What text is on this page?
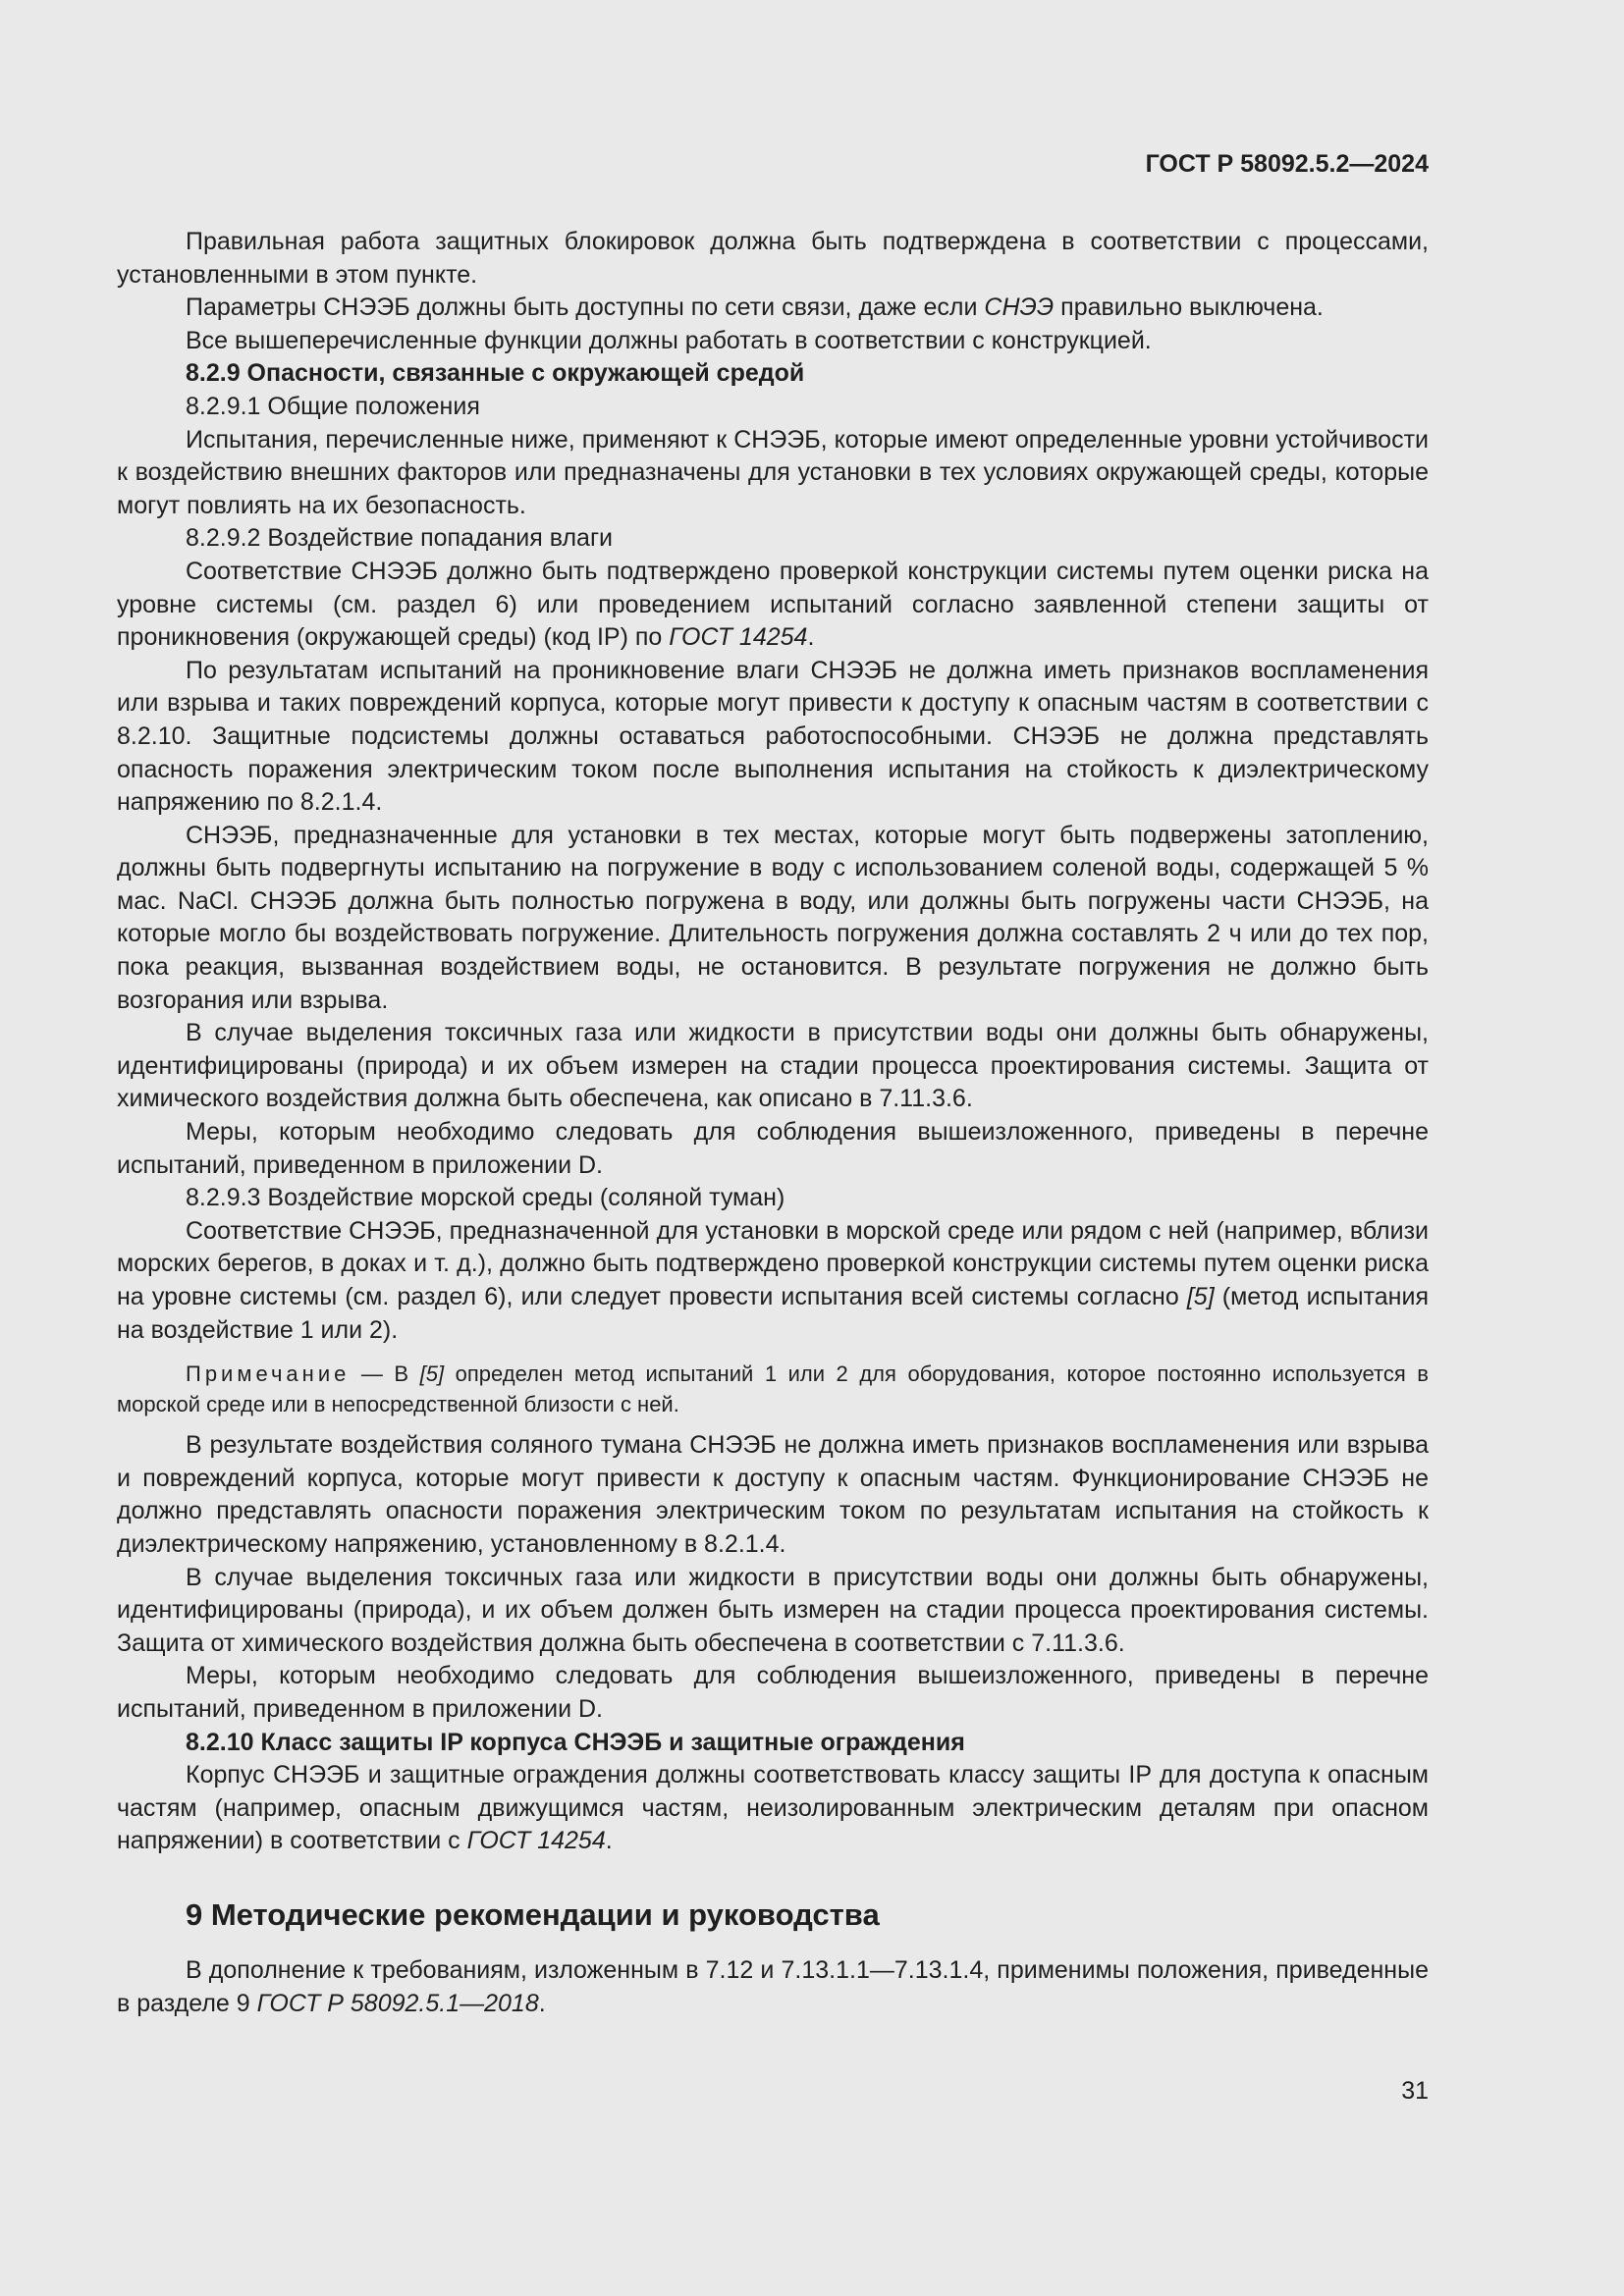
ГОСТ Р 58092.5.2—2024

Правильная работа защитных блокировок должна быть подтверждена в соответствии с процессами, установленными в этом пункте.

Параметры СНЭЭБ должны быть доступны по сети связи, даже если СНЭЭ правильно выключена.

Все вышеперечисленные функции должны работать в соответствии с конструкцией.

8.2.9 Опасности, связанные с окружающей средой

8.2.9.1 Общие положения

Испытания, перечисленные ниже, применяют к СНЭЭБ, которые имеют определенные уровни устойчивости к воздействию внешних факторов или предназначены для установки в тех условиях окружающей среды, которые могут повлиять на их безопасность.

8.2.9.2 Воздействие попадания влаги

Соответствие СНЭЭБ должно быть подтверждено проверкой конструкции системы путем оценки риска на уровне системы (см. раздел 6) или проведением испытаний согласно заявленной степени защиты от проникновения (окружающей среды) (код IP) по ГОСТ 14254.

По результатам испытаний на проникновение влаги СНЭЭБ не должна иметь признаков воспламенения или взрыва и таких повреждений корпуса, которые могут привести к доступу к опасным частям в соответствии с 8.2.10. Защитные подсистемы должны оставаться работоспособными. СНЭЭБ не должна представлять опасность поражения электрическим током после выполнения испытания на стойкость к диэлектрическому напряжению по 8.2.1.4.

СНЭЭБ, предназначенные для установки в тех местах, которые могут быть подвержены затоплению, должны быть подвергнуты испытанию на погружение в воду с использованием соленой воды, содержащей 5 % мас. NaCl. СНЭЭБ должна быть полностью погружена в воду, или должны быть погружены части СНЭЭБ, на которые могло бы воздействовать погружение. Длительность погружения должна составлять 2 ч или до тех пор, пока реакция, вызванная воздействием воды, не остановится. В результате погружения не должно быть возгорания или взрыва.

В случае выделения токсичных газа или жидкости в присутствии воды они должны быть обнаружены, идентифицированы (природа) и их объем измерен на стадии процесса проектирования системы. Защита от химического воздействия должна быть обеспечена, как описано в 7.11.3.6.

Меры, которым необходимо следовать для соблюдения вышеизложенного, приведены в перечне испытаний, приведенном в приложении D.

8.2.9.3 Воздействие морской среды (соляной туман)

Соответствие СНЭЭБ, предназначенной для установки в морской среде или рядом с ней (например, вблизи морских берегов, в доках и т. д.), должно быть подтверждено проверкой конструкции системы путем оценки риска на уровне системы (см. раздел 6), или следует провести испытания всей системы согласно [5] (метод испытания на воздействие 1 или 2).

Примечание — В [5] определен метод испытаний 1 или 2 для оборудования, которое постоянно используется в морской среде или в непосредственной близости с ней.

В результате воздействия соляного тумана СНЭЭБ не должна иметь признаков воспламенения или взрыва и повреждений корпуса, которые могут привести к доступу к опасным частям. Функционирование СНЭЭБ не должно представлять опасности поражения электрическим током по результатам испытания на стойкость к диэлектрическому напряжению, установленному в 8.2.1.4.

В случае выделения токсичных газа или жидкости в присутствии воды они должны быть обнаружены, идентифицированы (природа), и их объем должен быть измерен на стадии процесса проектирования системы. Защита от химического воздействия должна быть обеспечена в соответствии с 7.11.3.6.

Меры, которым необходимо следовать для соблюдения вышеизложенного, приведены в перечне испытаний, приведенном в приложении D.

8.2.10 Класс защиты IP корпуса СНЭЭБ и защитные ограждения

Корпус СНЭЭБ и защитные ограждения должны соответствовать классу защиты IP для доступа к опасным частям (например, опасным движущимся частям, неизолированным электрическим деталям при опасном напряжении) в соответствии с ГОСТ 14254.

9 Методические рекомендации и руководства

В дополнение к требованиям, изложенным в 7.12 и 7.13.1.1—7.13.1.4, применимы положения, приведенные в разделе 9 ГОСТ Р 58092.5.1—2018.

31
